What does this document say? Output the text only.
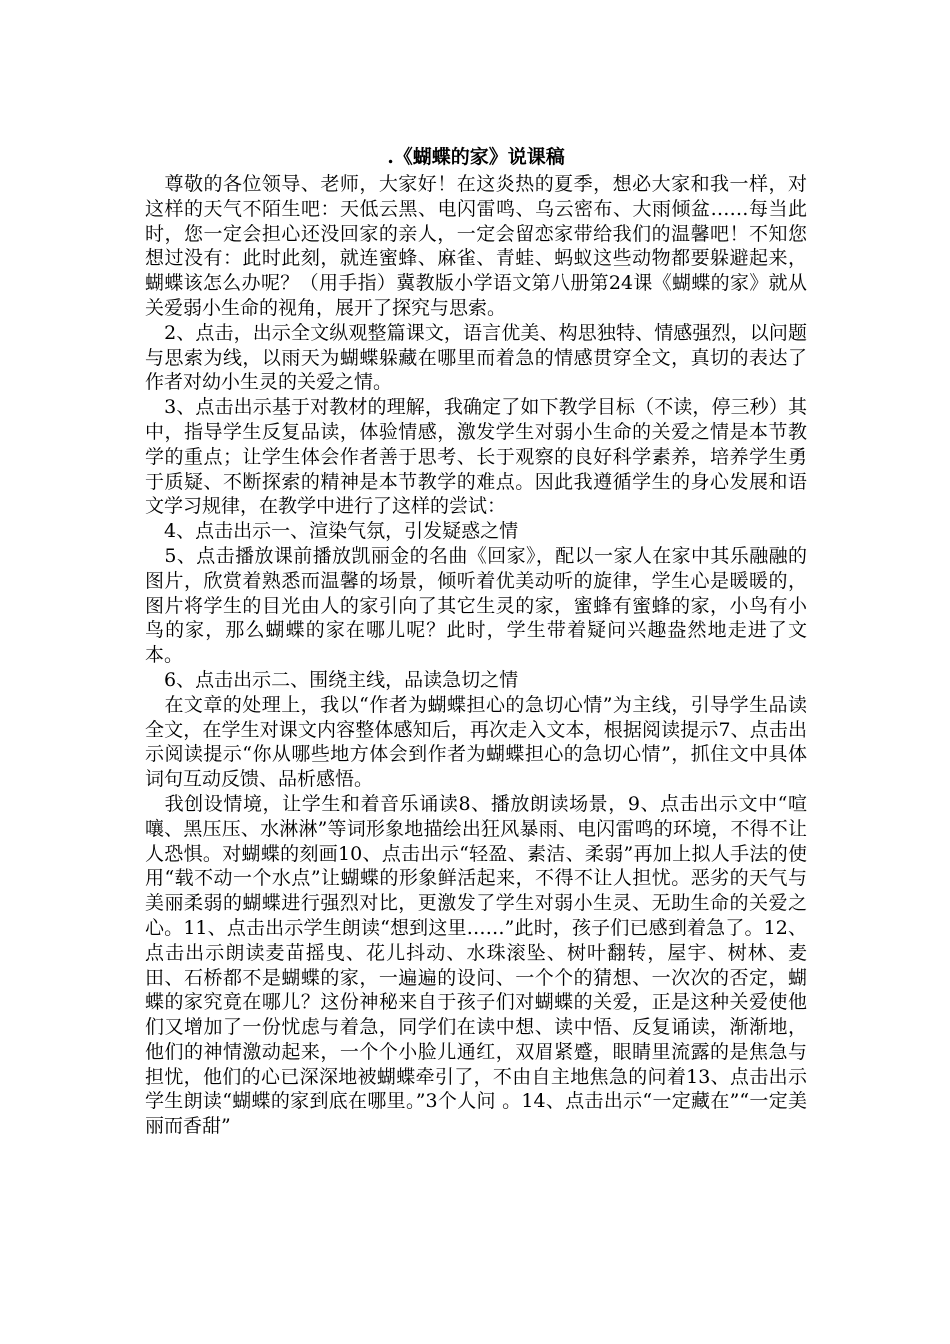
.《蝴蝶的家》说课稿

　尊敬的各位领导、老师，大家好！在这炎热的夏季，想必大家和我一样，对这样的天气不陌生吧：天低云黑、电闪雷鸣、乌云密布、大雨倾盆……每当此时，您一定会担心还没回家的亲人，一定会留恋家带给我们的温馨吧！不知您想过没有：此时此刻，就连蜜蜂、麻雀、青蛙、蚂蚁这些动物都要躲避起来，蝴蝶该怎么办呢？（用手指）冀教版小学语文第八册第24课《蝴蝶的家》就从关爱弱小生命的视角，展开了探究与思索。

　2、点击，出示全文纵观整篇课文，语言优美、构思独特、情感强烈，以问题与思索为线，以雨天为蝴蝶躲藏在哪里而着急的情感贯穿全文，真切的表达了作者对幼小生灵的关爱之情。

　3、点击出示基于对教材的理解，我确定了如下教学目标（不读，停三秒）其中，指导学生反复品读，体验情感，激发学生对弱小生命的关爱之情是本节教学的重点；让学生体会作者善于思考、长于观察的良好科学素养，培养学生勇于质疑、不断探索的精神是本节教学的难点。因此我遵循学生的身心发展和语文学习规律，在教学中进行了这样的尝试：

　4、点击出示一、渲染气氛，引发疑惑之情

　5、点击播放课前播放凯丽金的名曲《回家》，配以一家人在家中其乐融融的图片，欣赏着熟悉而温馨的场景，倾听着优美动听的旋律，学生心是暖暖的，图片将学生的目光由人的家引向了其它生灵的家，蜜蜂有蜜蜂的家，小鸟有小鸟的家，那么蝴蝶的家在哪儿呢？此时，学生带着疑问兴趣盎然地走进了文本。

　6、点击出示二、围绕主线，品读急切之情

　在文章的处理上，我以“作者为蝴蝶担心的急切心情”为主线，引导学生品读全文，在学生对课文内容整体感知后，再次走入文本，根据阅读提示7、点击出示阅读提示“你从哪些地方体会到作者为蝴蝶担心的急切心情”，抓住文中具体词句互动反馈、品析感悟。

　我创设情境，让学生和着音乐诵读8、播放朗读场景，9、点击出示文中“喧嚷、黑压压、水淋淋”等词形象地描绘出狂风暴雨、电闪雷鸣的环境，不得不让人恐惧。对蝴蝶的刻画10、点击出示“轻盈、素洁、柔弱”再加上拟人手法的使用“载不动一个水点”让蝴蝶的形象鲜活起来，不得不让人担忧。恶劣的天气与美丽柔弱的蝴蝶进行强烈对比，更激发了学生对弱小生灵、无助生命的关爱之心。11、点击出示学生朗读“想到这里……”此时，孩子们已感到着急了。12、点击出示朗读麦苗摇曳、花儿抖动、水珠滚坠、树叶翻转，屋宇、树林、麦田、石桥都不是蝴蝶的家，一遍遍的设问、一个个的猜想、一次次的否定，蝴蝶的家究竟在哪儿？这份神秘来自于孩子们对蝴蝶的关爱，正是这种关爱使他们又增加了一份忧虑与着急，同学们在读中想、读中悟、反复诵读，渐渐地，他们的神情激动起来，一个个小脸儿通红，双眉紧蹙，眼睛里流露的是焦急与担忧，他们的心已深深地被蝴蝶牵引了，不由自主地焦急的问着13、点击出示学生朗读“蝴蝶的家到底在哪里。”3个人问 。14、点击出示“一定藏在”“一定美丽而香甜”
